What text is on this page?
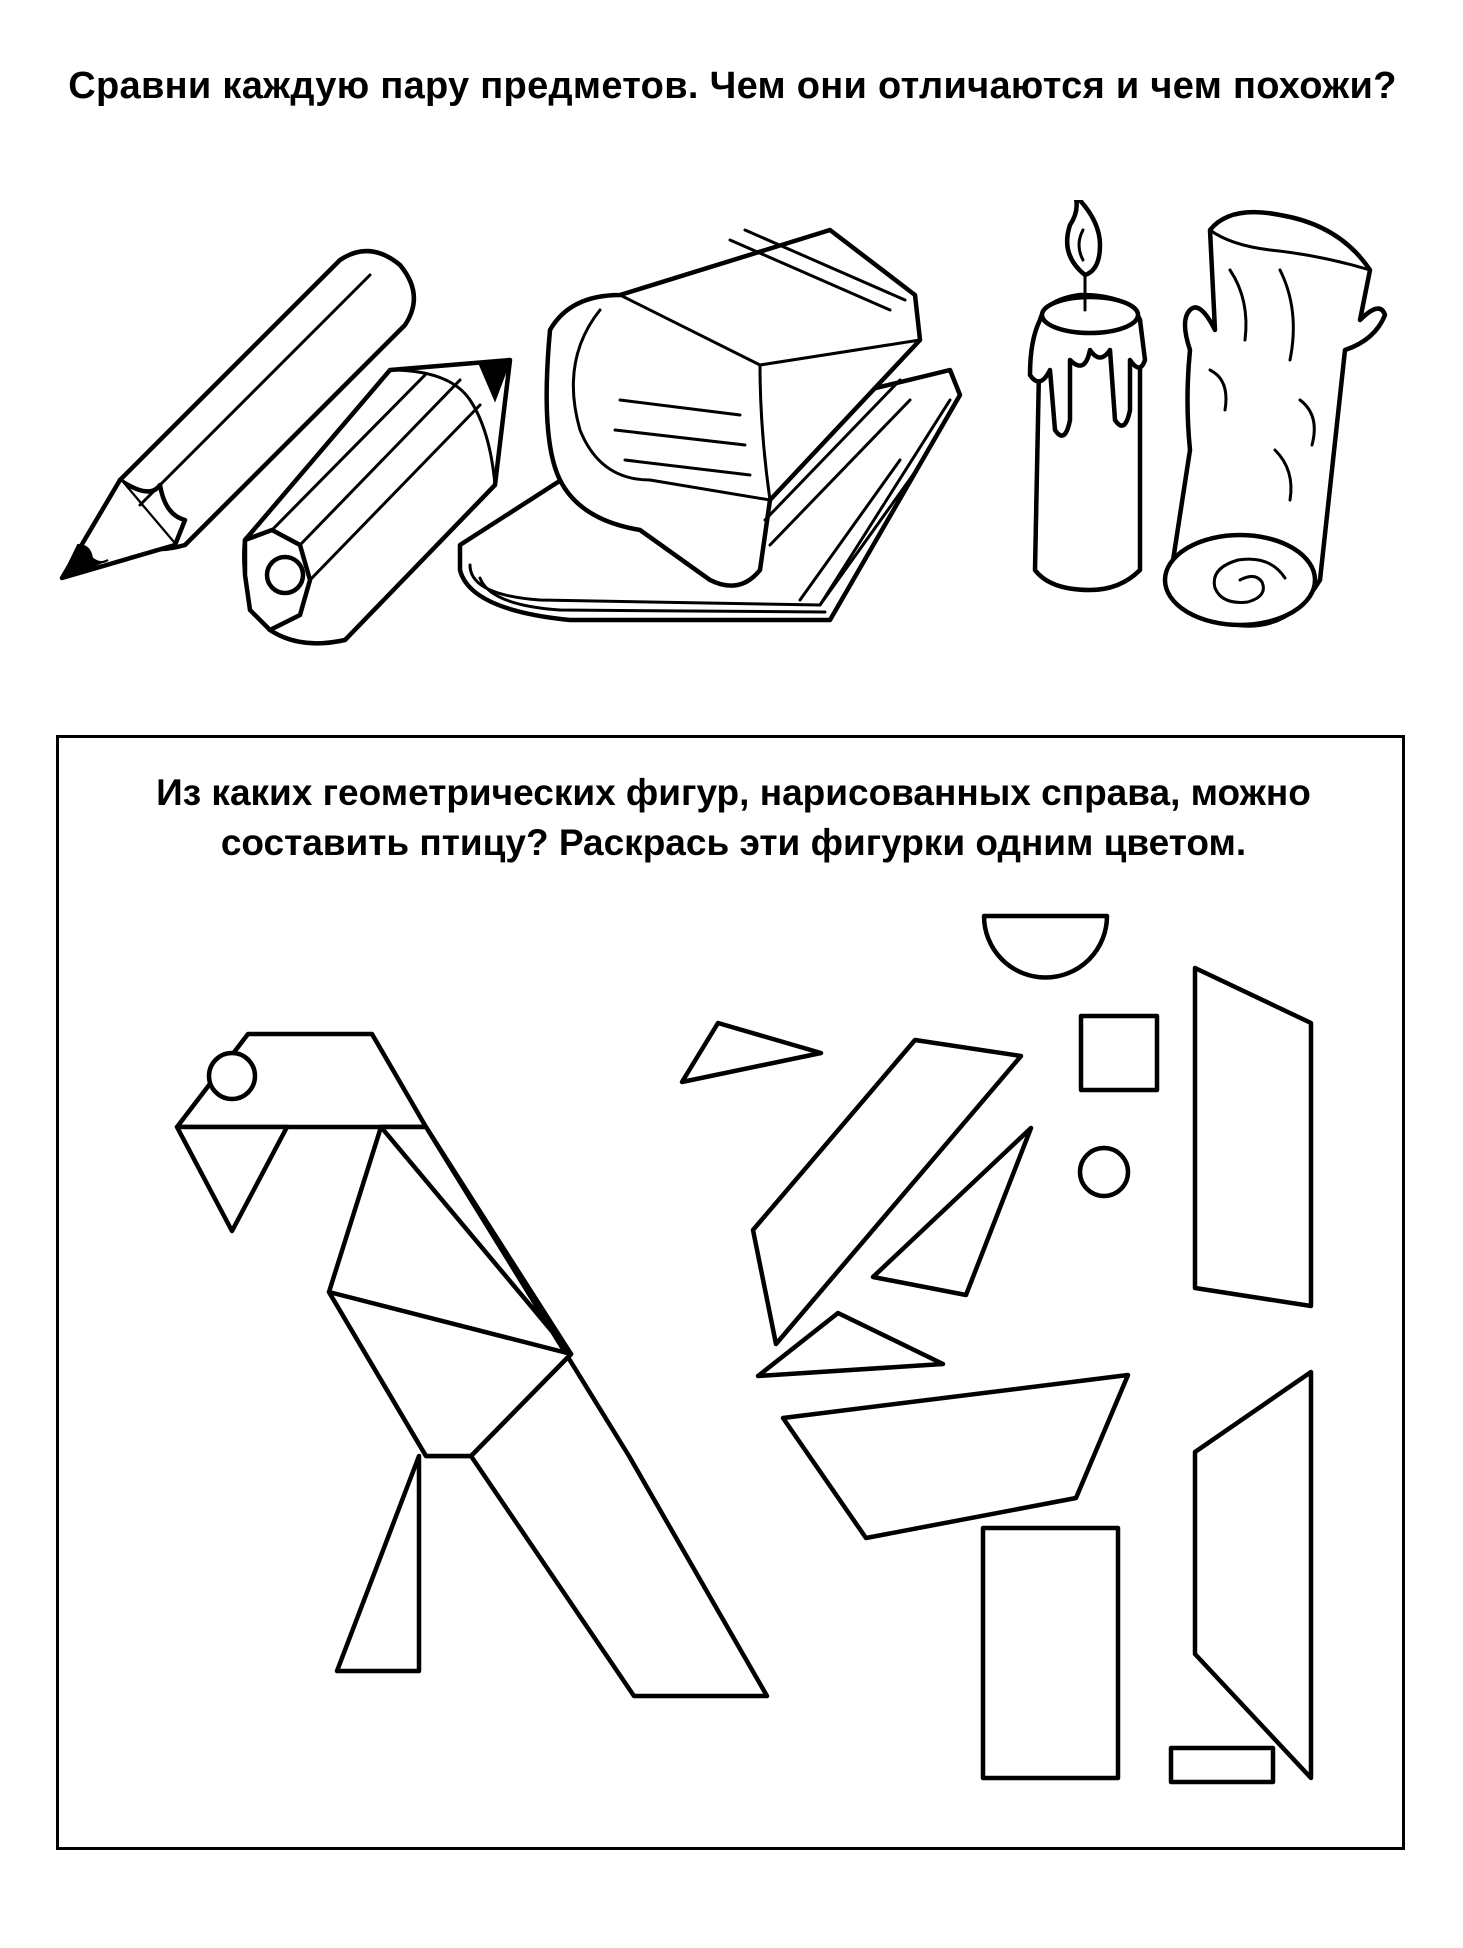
Сравни каждую пару предметов. Чем они отличаются и чем похожи?
Из каких геометрических фигур, нарисованных справа, можно составить птицу? Раскрась эти фигурки одним цветом.
